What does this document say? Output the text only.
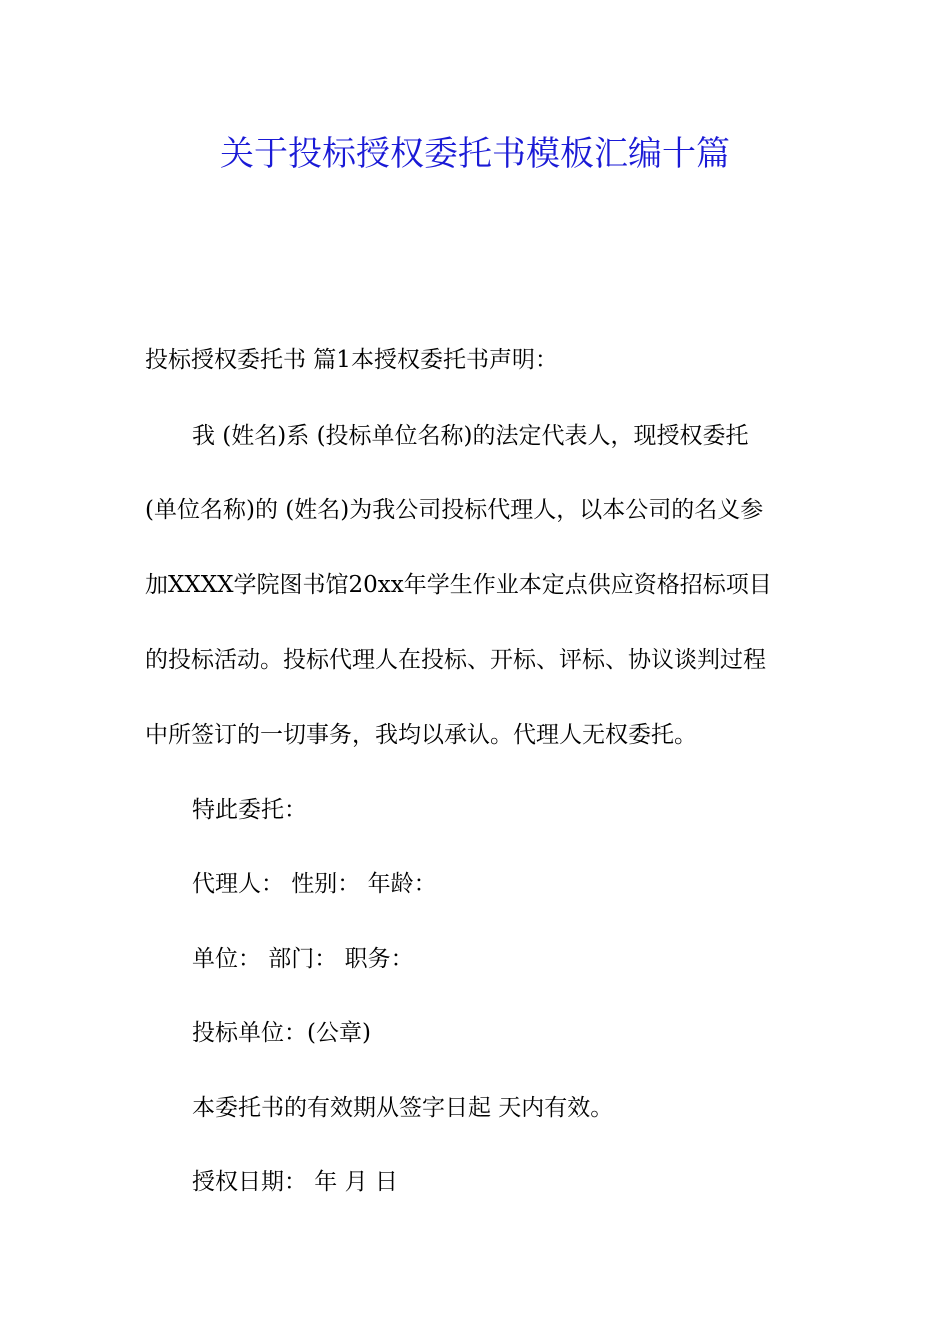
关于投标授权委托书模板汇编十篇

投标授权委托书 篇1本授权委托书声明：

我 (姓名)系 (投标单位名称)的法定代表人，现授权委托

(单位名称)的 (姓名)为我公司投标代理人，以本公司的名义参

加XXXX学院图书馆20xx年学生作业本定点供应资格招标项目

的投标活动。投标代理人在投标、开标、评标、协议谈判过程

中所签订的一切事务，我均以承认。代理人无权委托。

特此委托：

代理人： 性别： 年龄：

单位： 部门： 职务：

投标单位：(公章)

本委托书的有效期从签字日起 天内有效。

授权日期： 年 月 日
